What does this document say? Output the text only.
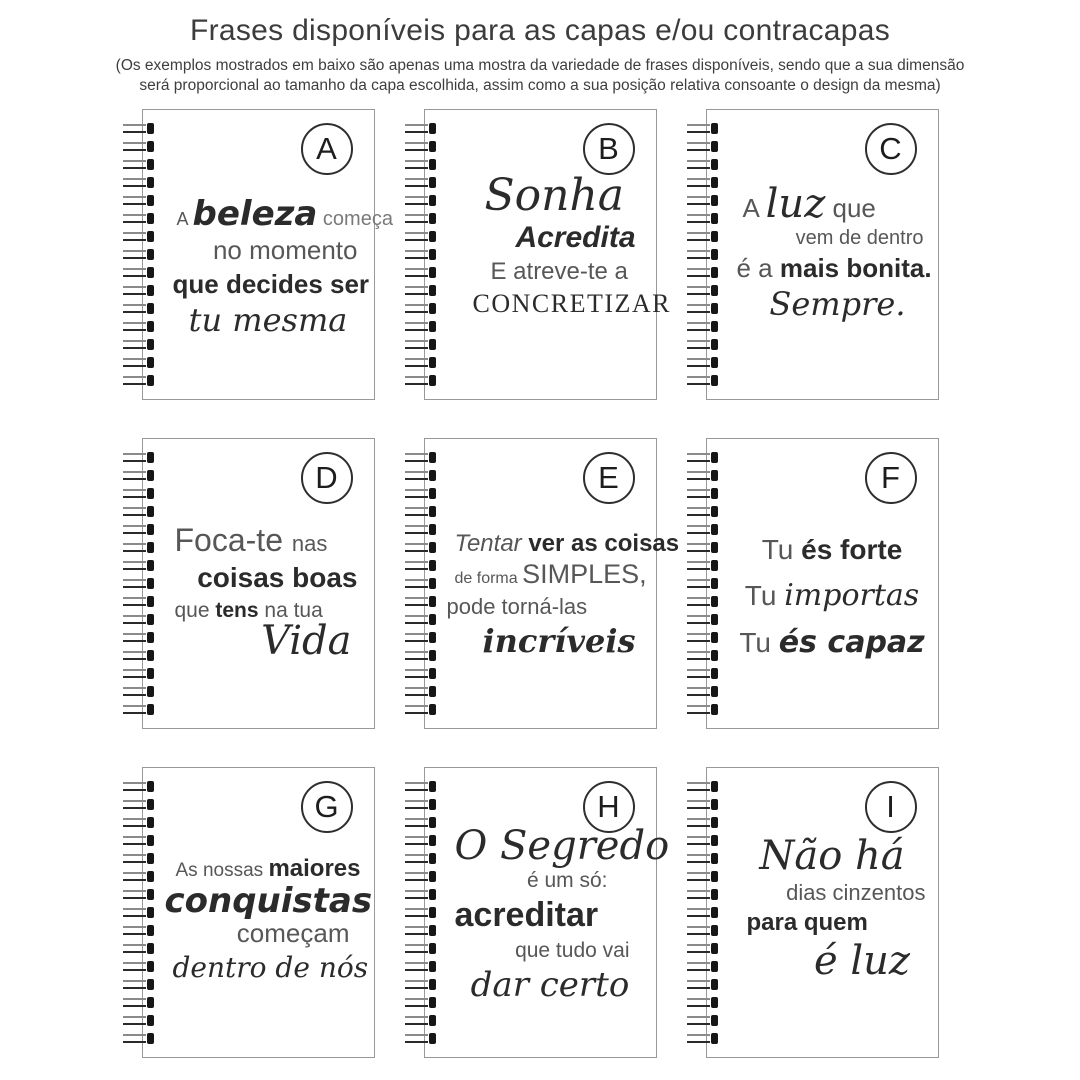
Frases disponíveis para as capas e/ou contracapas

(Os exemplos mostrados em baixo são apenas uma mostra da variedade de frases disponíveis, sendo que a sua dimensão
será proporcional ao tamanho da capa escolhida, assim como a sua posição relativa consoante o design da mesma)

A
A beleza começa
no momento
que decides ser
tu mesma
B
Sonha
Acredita
E atreve-te a
CONCRETIZAR
C
A luz que
vem de dentro
é a mais bonita.
Sempre.
D
Foca-te nas
coisas boas
que tens na tua
Vida
E
Tentar ver as coisas
de forma SIMPLES,
pode torná-las
incríveis
F
Tu és forte
Tu importas
Tu és capaz
G
As nossas maiores
conquistas
começam
dentro de nós
H
O Segredo
é um só:
acreditar
que tudo vai
dar certo
I
Não há
dias cinzentos
para quem
é luz
